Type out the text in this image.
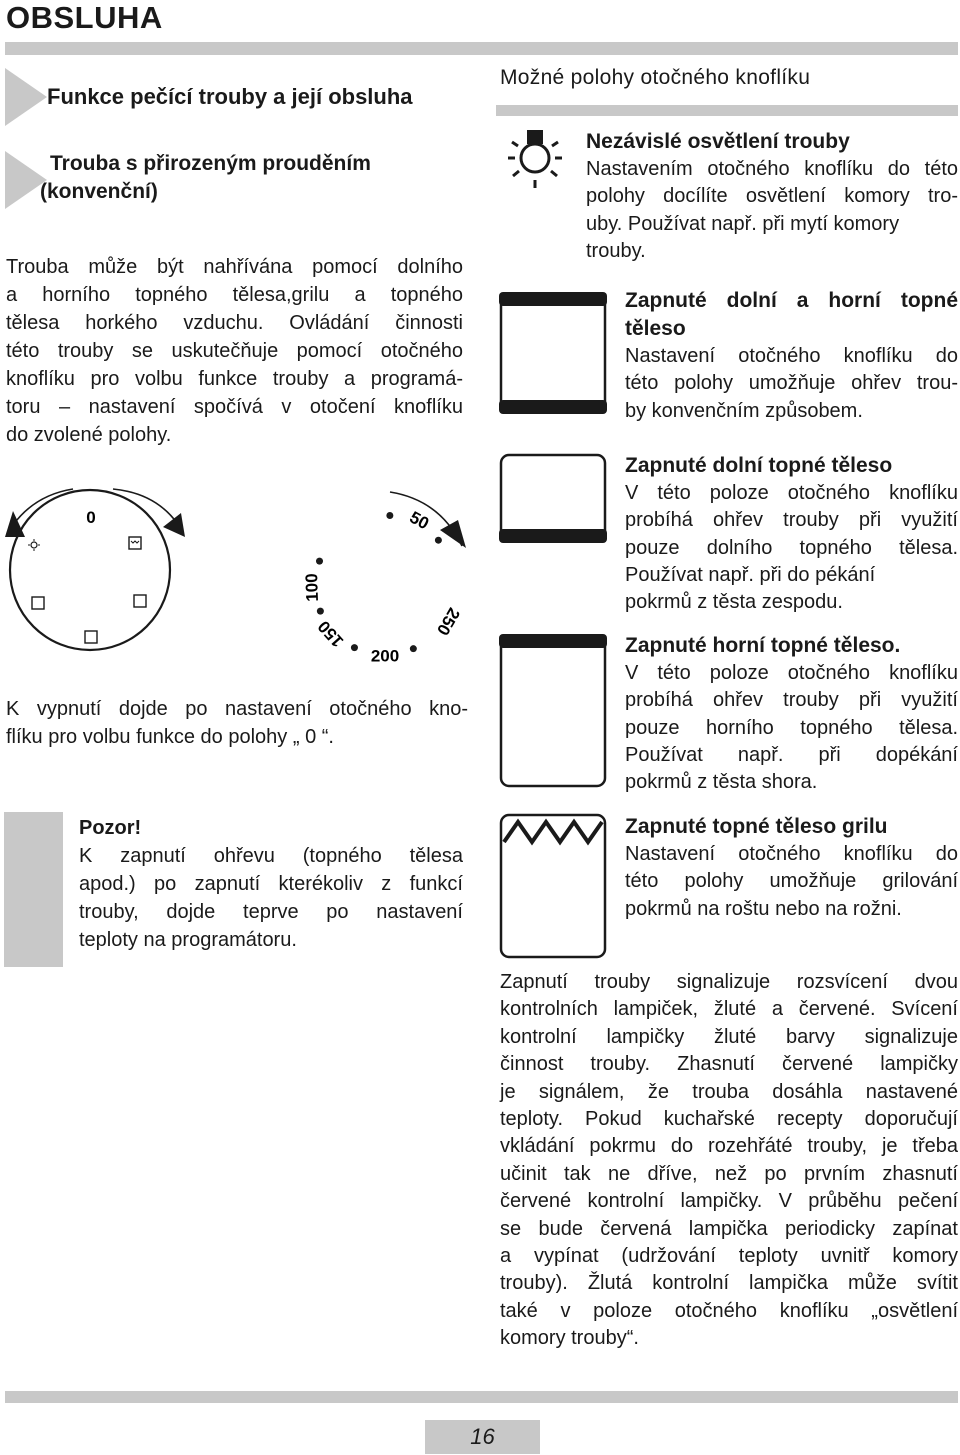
OBSLUHA
Funkce pečící trouby a její obsluha
Trouba s přirozeným prouděním
(konvenční)
Trouba může být nahřívána pomocí dolního
a horního topného tělesa,grilu a topného
tělesa horkého vzduchu. Ovládání činnosti
této trouby se uskutečňuje pomocí otočného
knoflíku pro volbu funkce trouby a programá-
toru – nastavení spočívá v otočení knoflíku
do zvolené polohy.
0	50
100
150
200
250
K vypnutí dojde po nastavení otočného kno-
flíku pro volbu funkce do polohy „ 0 “.
Pozor!
K zapnutí ohřevu (topného tělesa
apod.) po zapnutí kterékoliv z funkcí
trouby, dojde teprve po nastavení
teploty na programátoru.
Možné polohy otočného knoflíku
Nezávislé osvětlení trouby
Nastavením otočného knoflíku do této
polohy docílíte osvětlení komory tro-
uby. Používat např. při mytí komory
trouby.
Zapnuté dolní a horní topné
těleso
Nastavení otočného knoflíku do
této polohy umožňuje ohřev trou-
by konvenčním způsobem.
Zapnuté dolní topné těleso
V této poloze otočného knoflíku
probíhá ohřev trouby při využití
pouze dolního topného tělesa.
Používat např. při do pékání
pokrmů z těsta zespodu.
Zapnuté horní topné těleso.
V této poloze otočného knoflíku
probíhá ohřev trouby při využití
pouze horního topného tělesa.
Používat např. při dopékání
pokrmů z těsta shora.
Zapnuté topné těleso grilu
Nastavení otočného knoflíku do
této polohy umožňuje grilování
pokrmů na roštu nebo na rožni.
Zapnutí trouby signalizuje rozsvícení dvou
kontrolních lampiček, žluté a červené. Svícení
kontrolní lampičky žluté barvy signalizuje
činnost trouby. Zhasnutí červené lampičky
je signálem, že trouba dosáhla nastavené
teploty. Pokud kuchařské recepty doporučují
vkládání pokrmu do rozehřáté trouby, je třeba
učinit tak ne dříve, než po prvním zhasnutí
červené kontrolní lampičky. V průběhu pečení
se bude červená lampička periodicky zapínat
a vypínat (udržování teploty uvnitř komory
trouby). Žlutá kontrolní lampička může svítit
také v poloze otočného knoflíku „osvětlení
komory trouby“.
16
